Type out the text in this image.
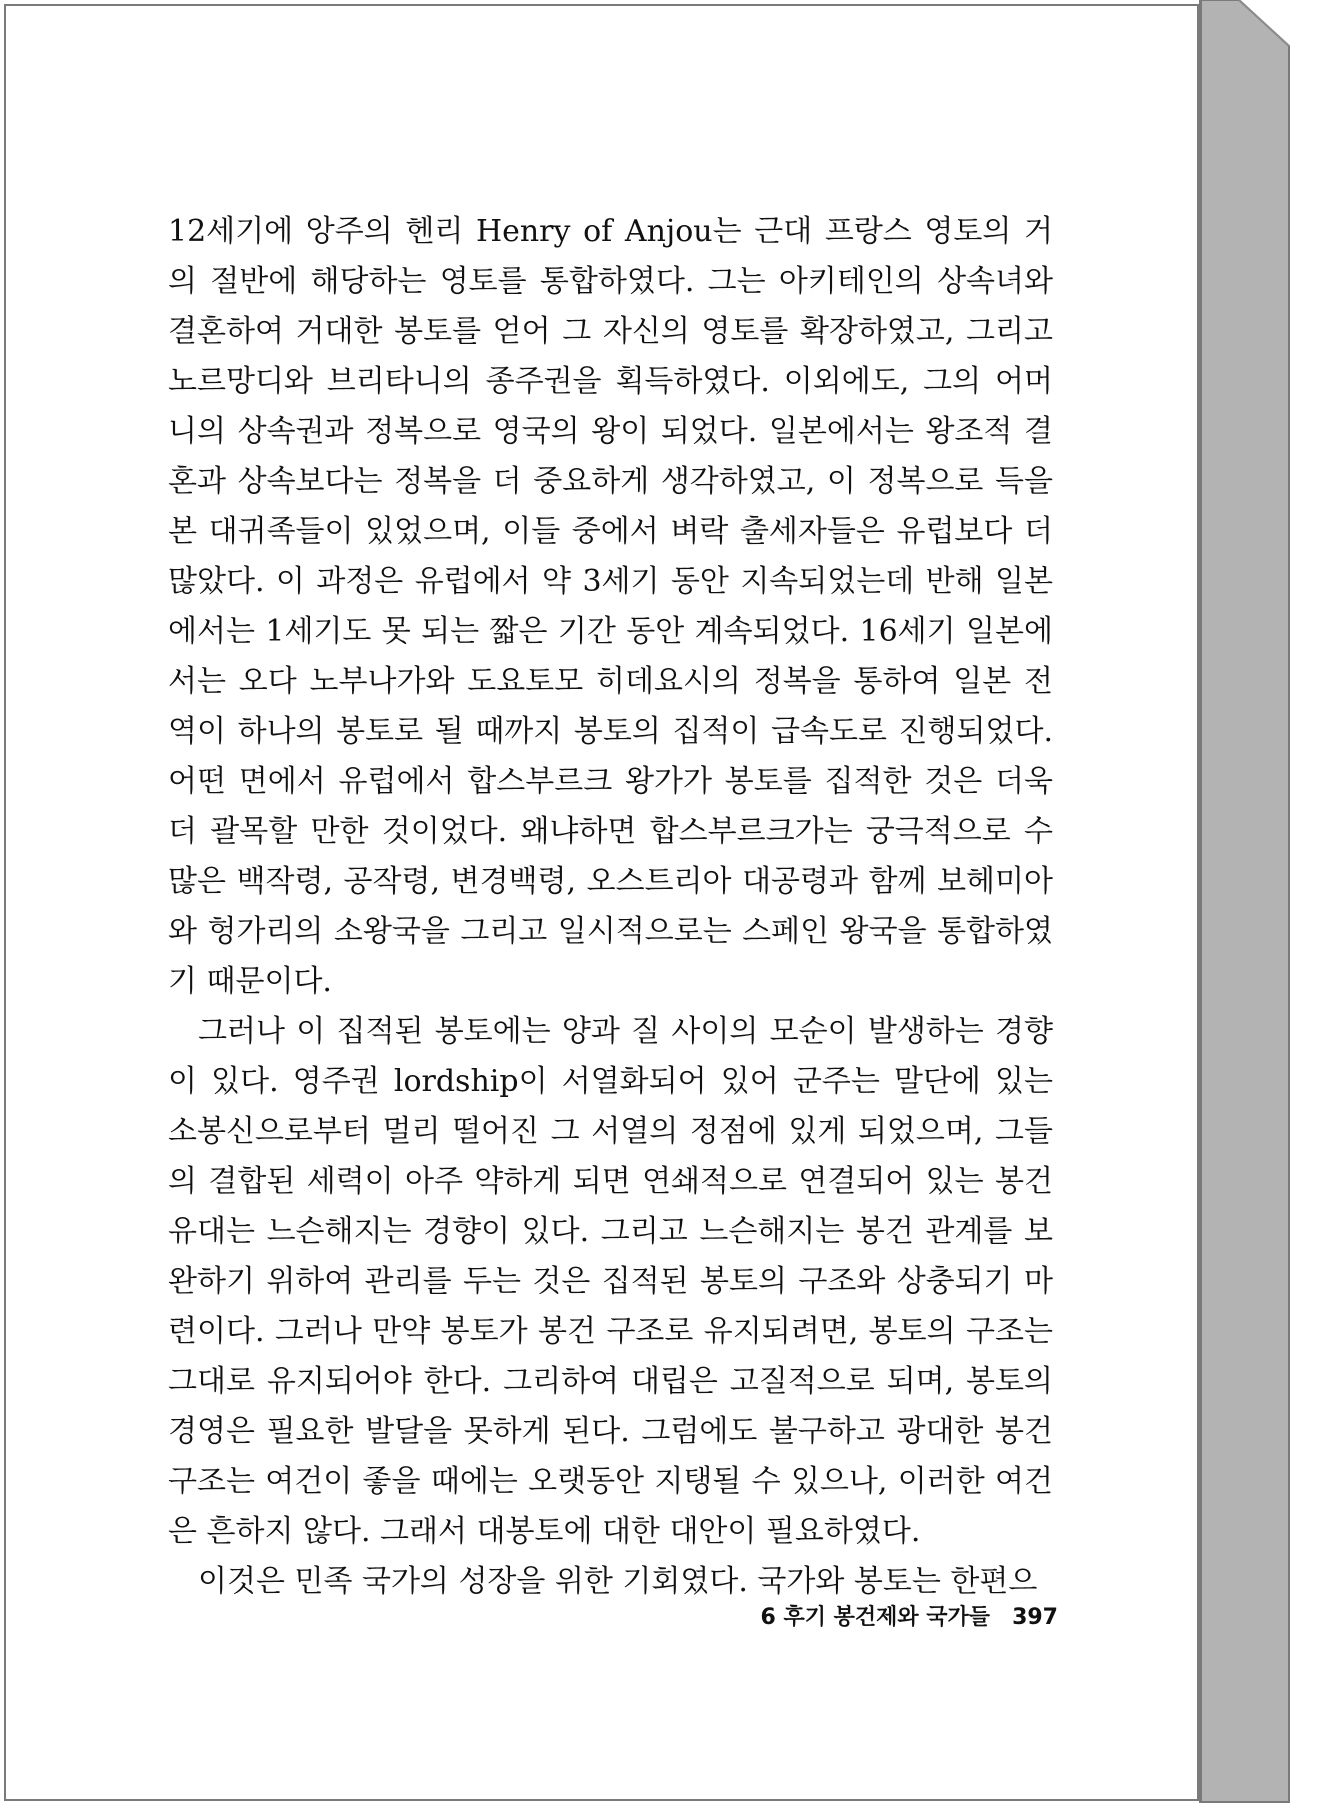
12세기에 앙주의 헨리 Henry of Anjou는 근대 프랑스 영토의 거의 절반에 해당하는 영토를 통합하였다. 그는 아키테인의 상속녀와 결혼하여 거대한 봉토를 얻어 그 자신의 영토를 확장하였고, 그리고 노르망디와 브리타니의 종주권을 획득하였다. 이외에도, 그의 어머니의 상속권과 정복으로 영국의 왕이 되었다. 일본에서는 왕조적 결혼과 상속보다는 정복을 더 중요하게 생각하였고, 이 정복으로 득을 본 대귀족들이 있었으며, 이들 중에서 벼락 출세자들은 유럽보다 더 많았다. 이 과정은 유럽에서 약 3세기 동안 지속되었는데 반해 일본에서는 1세기도 못 되는 짧은 기간 동안 계속되었다. 16세기 일본에서는 오다 노부나가와 도요토모 히데요시의 정복을 통하여 일본 전역이 하나의 봉토로 될 때까지 봉토의 집적이 급속도로 진행되었다. 어떤 면에서 유럽에서 합스부르크 왕가가 봉토를 집적한 것은 더욱더 괄목할 만한 것이었다. 왜냐하면 합스부르크가는 궁극적으로 수많은 백작령, 공작령, 변경백령, 오스트리아 대공령과 함께 보헤미아와 헝가리의 소왕국을 그리고 일시적으로는 스페인 왕국을 통합하였기 때문이다.

그러나 이 집적된 봉토에는 양과 질 사이의 모순이 발생하는 경향이 있다. 영주권 lordship이 서열화되어 있어 군주는 말단에 있는 소봉신으로부터 멀리 떨어진 그 서열의 정점에 있게 되었으며, 그들의 결합된 세력이 아주 약하게 되면 연쇄적으로 연결되어 있는 봉건 유대는 느슨해지는 경향이 있다. 그리고 느슨해지는 봉건 관계를 보완하기 위하여 관리를 두는 것은 집적된 봉토의 구조와 상충되기 마련이다. 그러나 만약 봉토가 봉건 구조로 유지되려면, 봉토의 구조는 그대로 유지되어야 한다. 그리하여 대립은 고질적으로 되며, 봉토의 경영은 필요한 발달을 못하게 된다. 그럼에도 불구하고 광대한 봉건 구조는 여건이 좋을 때에는 오랫동안 지탱될 수 있으나, 이러한 여건은 흔하지 않다. 그래서 대봉토에 대한 대안이 필요하였다.

이것은 민족 국가의 성장을 위한 기회였다. 국가와 봉토는 한편으

6 후기 봉건제와 국가들 397
